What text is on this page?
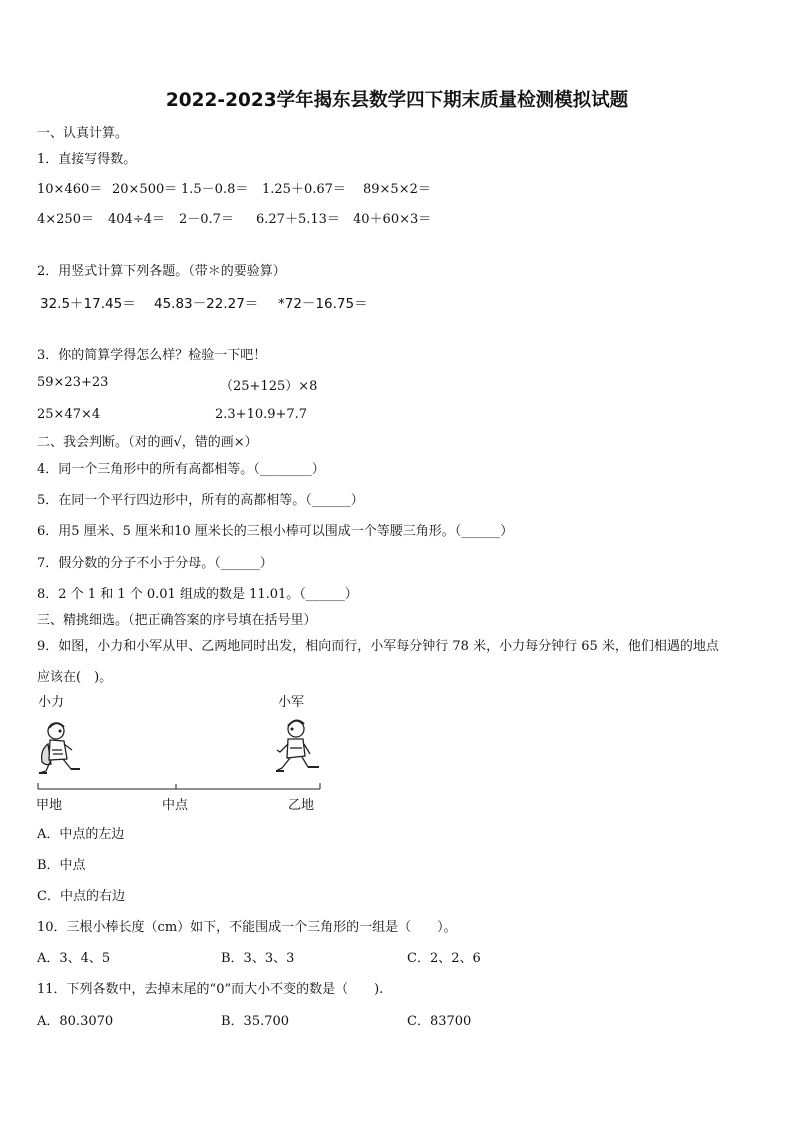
2022-2023学年揭东县数学四下期末质量检测模拟试题
一、认真计算。
1．直接写得数。
10×460＝ 20×500＝ 1.5－0.8＝	1.25＋0.67＝	89×5×2＝
4×250＝	404÷4＝	2－0.7＝	6.27＋5.13＝	40＋60×3＝
2．用竖式计算下列各题。（带＊的要验算）
32.5＋17.45＝	45.83－22.27＝	*72－16.75＝
3．你的简算学得怎么样？检验一下吧！
59×23+23	（25+125）×8
25×47×4	2.3+10.9+7.7
二、我会判断。（对的画√，错的画×）
4．同一个三角形中的所有高都相等。（________）
5．在同一个平行四边形中，所有的高都相等。（______）
6．用5 厘米、5 厘米和10 厘米长的三根小棒可以围成一个等腰三角形。（______）
7．假分数的分子不小于分母。（______）
8．2 个 1 和 1 个 0.01 组成的数是 11.01。（______）
三、精挑细选。（把正确答案的序号填在括号里）
9．如图，小力和小军从甲、乙两地同时出发，相向而行，小军每分钟行 78 米，小力每分钟行 65 米，他们相遇的地点
应该在(　)。
小力	小军
甲地	中点	乙地
A．中点的左边
B．中点
C．中点的右边
10．三根小棒长度（cm）如下，不能围成一个三角形的一组是（　　）。
A．3、4、5	B．3、3、3	C．2、2、6
11．下列各数中，去掉末尾的“0”而大小不变的数是（　　).
A．80.3070	B．35.700	C．83700
